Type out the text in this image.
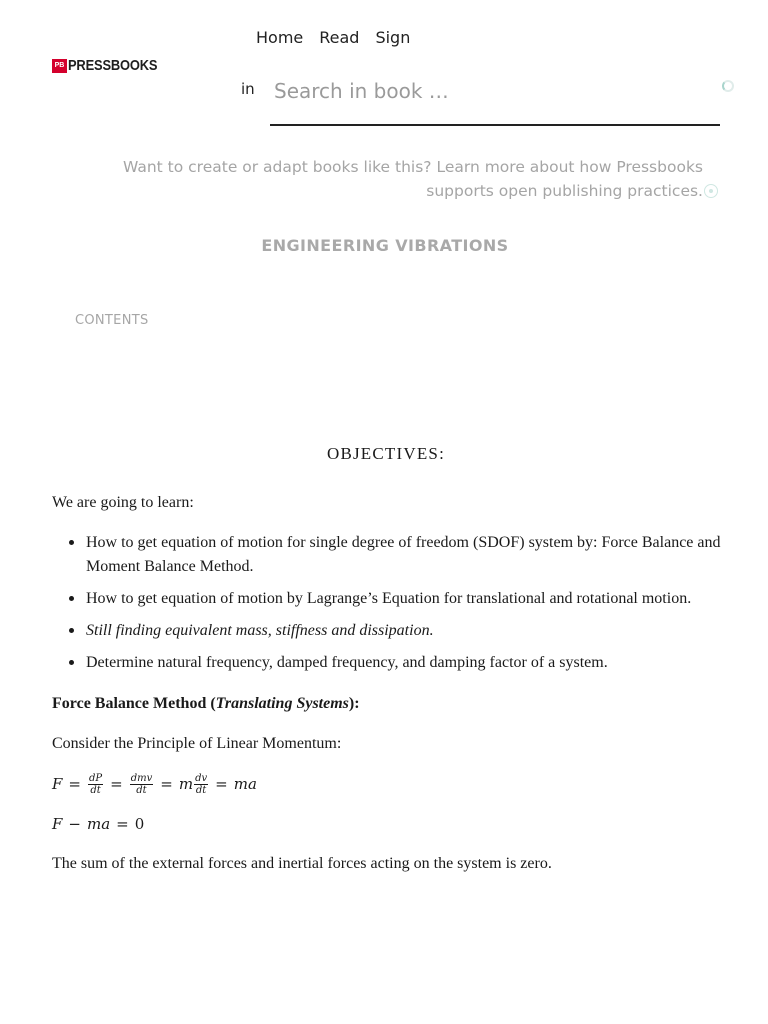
PB PRESSBOOKS
Home Read Sign
in
Search in book …
Want to create or adapt books like this? Learn more about how Pressbooks supports open publishing practices.
ENGINEERING VIBRATIONS
CONTENTS
OBJECTIVES:

We are going to learn:

How to get equation of motion for single degree of freedom (SDOF) system by: Force Balance and Moment Balance Method.
How to get equation of motion by Lagrange’s Equation for translational and rotational motion.
Still finding equivalent mass, stiffness and dissipation.
Determine natural frequency, damped frequency, and damping factor of a system.

Force Balance Method (Translating Systems):

Consider the Principle of Linear Momentum:

$F = \frac{dP}{dt} = \frac{\text{dmv}}{dt} = m \frac{dv}{dt}$ = ma
F − ma = 0

The sum of the external forces and inertial forces acting on the system is zero.
